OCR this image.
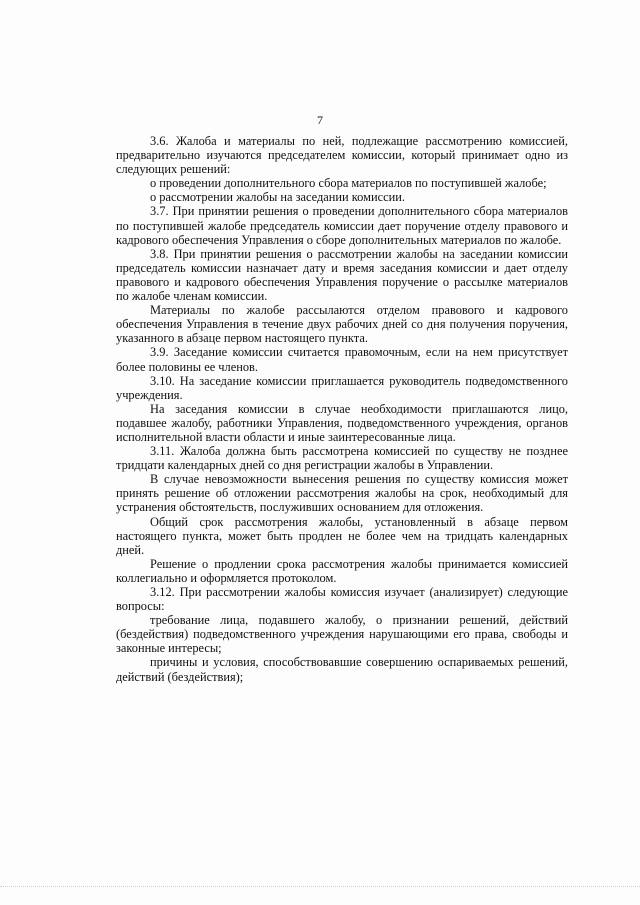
7

3.6. Жалоба и материалы по ней, подлежащие рассмотрению комиссией, предварительно изучаются председателем комиссии, который принимает одно из следующих решений:

о проведении дополнительного сбора материалов по поступившей жалобе;

о рассмотрении жалобы на заседании комиссии.

3.7. При принятии решения о проведении дополнительного сбора материалов по поступившей жалобе председатель комиссии дает поручение отделу правового и кадрового обеспечения Управления о сборе дополнительных материалов по жалобе.

3.8. При принятии решения о рассмотрении жалобы на заседании комиссии председатель комиссии назначает дату и время заседания комиссии и дает отделу правового и кадрового обеспечения Управления поручение о рассылке материалов по жалобе членам комиссии.

Материалы по жалобе рассылаются отделом правового и кадрового обеспечения Управления в течение двух рабочих дней со дня получения поручения, указанного в абзаце первом настоящего пункта.

3.9. Заседание комиссии считается правомочным, если на нем присутствует более половины ее членов.

3.10. На заседание комиссии приглашается руководитель подведомственного учреждения.

На заседания комиссии в случае необходимости приглашаются лицо, подавшее жалобу, работники Управления, подведомственного учреждения, органов исполнительной власти области и иные заинтересованные лица.

3.11. Жалоба должна быть рассмотрена комиссией по существу не позднее тридцати календарных дней со дня регистрации жалобы в Управлении.

В случае невозможности вынесения решения по существу комиссия может принять решение об отложении рассмотрения жалобы на срок, необходимый для устранения обстоятельств, послуживших основанием для отложения.

Общий срок рассмотрения жалобы, установленный в абзаце первом настоящего пункта, может быть продлен не более чем на тридцать календарных дней.

Решение о продлении срока рассмотрения жалобы принимается комиссией коллегиально и оформляется протоколом.

3.12. При рассмотрении жалобы комиссия изучает (анализирует) следующие вопросы:

требование лица, подавшего жалобу, о признании решений, действий (бездействия) подведомственного учреждения нарушающими его права, свободы и законные интересы;

причины и условия, способствовавшие совершению оспариваемых решений, действий (бездействия);
